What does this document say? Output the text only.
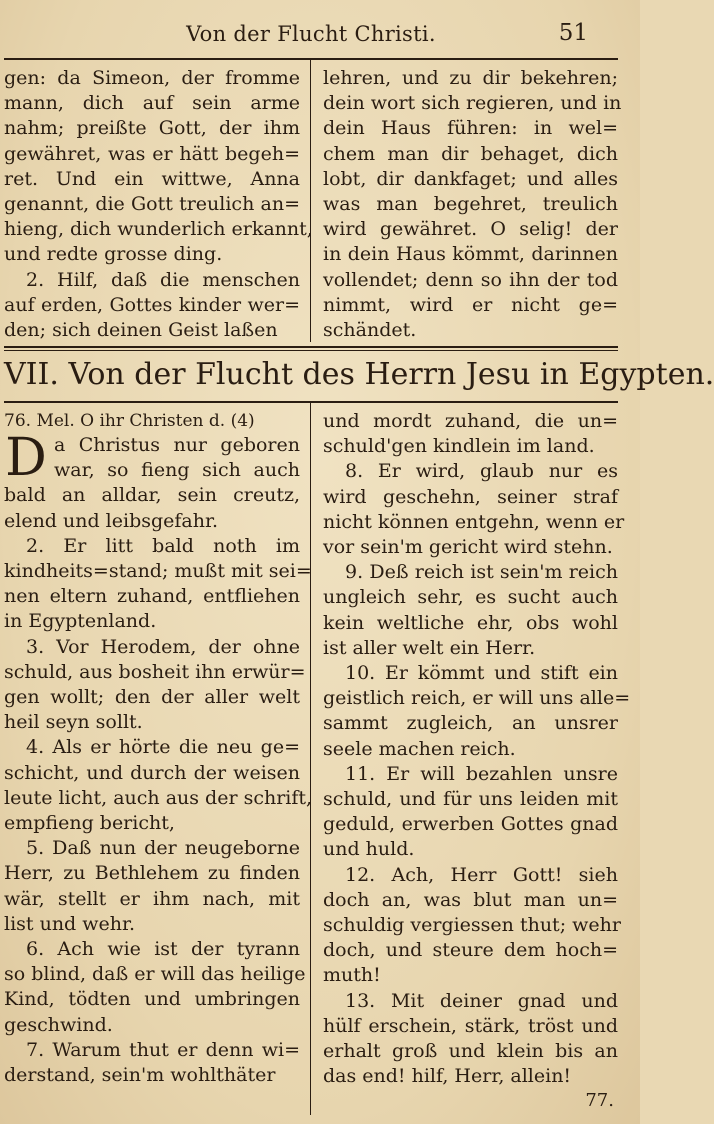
Von der Flucht Christi.	51
gen: da Simeon, der fromme
mann, dich auf sein arme
nahm; preißte Gott, der ihm
gewähret, was er hätt begeh=
ret. Und ein wittwe, Anna
genannt, die Gott treulich an=
hieng, dich wunderlich erkannt,
und redte grosse ding.
2. Hilf, daß die menschen
auf erden, Gottes kinder wer=
den; sich deinen Geist laßen
lehren, und zu dir bekehren;
dein wort sich regieren, und in
dein Haus führen: in wel=
chem man dir behaget, dich
lobt, dir dankfaget; und alles
was man begehret, treulich
wird gewähret. O selig! der
in dein Haus kömmt, darinnen
vollendet; denn so ihn der tod
nimmt, wird er nicht ge=
schändet.
VII. Von der Flucht des Herrn Jesu in Egypten.
76. Mel. O ihr Christen d. (4)
D a Christus nur geboren
war, so fieng sich auch
bald an alldar, sein creutz,
elend und leibsgefahr.
2. Er litt bald noth im
kindheits=stand; mußt mit sei=
nen eltern zuhand, entfliehen
in Egyptenland.
3. Vor Herodem, der ohne
schuld, aus bosheit ihn erwür=
gen wollt; den der aller welt
heil seyn sollt.
4. Als er hörte die neu ge=
schicht, und durch der weisen
leute licht, auch aus der schrift,
empfieng bericht,
5. Daß nun der neugeborne
Herr, zu Bethlehem zu finden
wär, stellt er ihm nach, mit
list und wehr.
6. Ach wie ist der tyrann
so blind, daß er will das heilige
Kind, tödten und umbringen
geschwind.
7. Warum thut er denn wi=
derstand, sein'm wohlthäter
und mordt zuhand, die un=
schuld'gen kindlein im land.
8. Er wird, glaub nur es
wird geschehn, seiner straf
nicht können entgehn, wenn er
vor sein'm gericht wird stehn.
9. Deß reich ist sein'm reich
ungleich sehr, es sucht auch
kein weltliche ehr, obs wohl
ist aller welt ein Herr.
10. Er kömmt und stift ein
geistlich reich, er will uns alle=
sammt zugleich, an unsrer
seele machen reich.
11. Er will bezahlen unsre
schuld, und für uns leiden mit
geduld, erwerben Gottes gnad
und huld.
12. Ach, Herr Gott! sieh
doch an, was blut man un=
schuldig vergiessen thut; wehr
doch, und steure dem hoch=
muth!
13. Mit deiner gnad und
hülf erschein, stärk, tröst und
erhalt groß und klein bis an
das end! hilf, Herr, allein!
77.
